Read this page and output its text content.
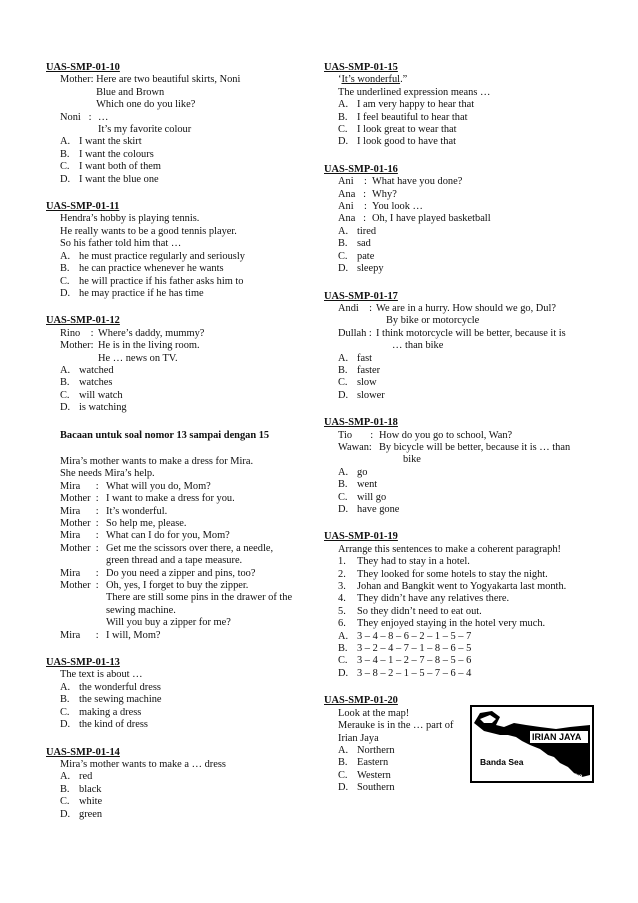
UAS-SMP-01-10
Mother: Here are two beautiful skirts, Noni
Blue and Brown
Which one do you like?
Noni   : …
It’s my favorite colour
A. I want the skirt
B. I want the colours
C. I want both of them
D. I want the blue one
UAS-SMP-01-11
Hendra’s hobby is playing tennis.
He really wants to be a good tennis player.
So his father told him that …
A. he must practice regularly and seriously
B. he can practice whenever he wants
C. he will practice if his father asks him to
D. he may practice if he has time
UAS-SMP-01-12
Rino    : Where’s daddy, mummy?
Mother: He is in the living room.
He … news on TV.
A. watched
B. watches
C. will watch
D. is watching
Bacaan untuk soal nomor 13 sampai dengan 15
Mira’s mother wants to make a dress for Mira.
She needs Mira’s help.
Mira      : What will you do, Mom?
Mother  : I want to make a dress for you.
Mira      : It’s wonderful.
Mother  : So help me, please.
Mira      : What can I do for you, Mom?
Mother  : Get me the scissors over there, a needle,
green thread and a tape measure.
Mira      : Do you need a zipper and pins, too?
Mother  : Oh, yes, I forget to buy the zipper.
There are still some pins in the drawer of the
sewing machine.
Will you buy a zipper for me?
Mira      : I will, Mom?
UAS-SMP-01-13
The text is about …
A. the wonderful dress
B. the sewing machine
C. making a dress
D. the kind of dress
UAS-SMP-01-14
Mira’s mother wants to make a … dress
A. red
B. black
C. white
D. green
UAS-SMP-01-15
‘It’s wonderful.”
The underlined expression means …
A. I am very happy to hear that
B. I feel beautiful to hear that
C. I look great to wear that
D. I look good to have that
UAS-SMP-01-16
Ani    : What have you done?
Ana   : Why?
Ani    : You look …
Ana   : Oh, I have played basketball
A. tired
B. sad
C. pate
D. sleepy
UAS-SMP-01-17
Andi    : We are in a hurry. How should we go, Dul?
By bike or motorcycle
Dullah : I think motorcycle will be better, because it is
… than bike
A. fast
B. faster
C. slow
D. slower
UAS-SMP-01-18
Tio       : How do you go to school, Wan?
Wawan: By bicycle will be better, because it is … than
bike
A. go
B. went
C. will go
D. have gone
UAS-SMP-01-19
Arrange this sentences to make a coherent paragraph!
1.	They had to stay in a hotel.
2.	They looked for some hotels to stay the night.
3.	Johan and Bangkit went to Yogyakarta last month.
4.	They didn’t have any relatives there.
5.	So they didn’t need to eat out.
6.	They enjoyed staying in the hotel very much.
A. 3 – 4 – 8 – 6 – 2 – 1 – 5 – 7
B. 3 – 2 – 4 – 7 – 1 – 8 – 6 – 5
C. 3 – 4 – 1 – 2 – 7 – 8 – 5 – 6
D. 3 – 8 – 2 – 1 – 5 – 7 – 6 – 4
UAS-SMP-01-20
Look at the map!
Merauke is in the … part of
Irian Jaya
A. Northern
B. Eastern
C. Western
D. Southern
IRIAN JAYA
Banda Sea
Merauke
